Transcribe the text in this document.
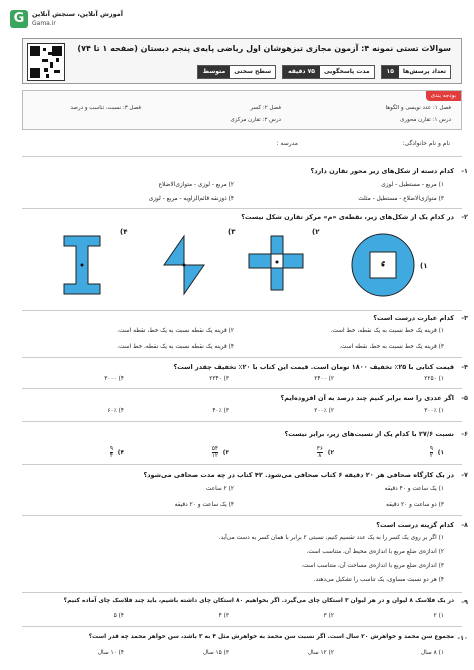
G	آموزش آنلاین، سنجش آنلاین
Gama.ir
سوالات تستی نمونه ۴: آزمون مجازی تیزهوشان اول ریاضی پایه‌ی پنجم دبستان (صفحه ۱ تا ۷۴)
تعداد پرسش‌ها
۱۵
مدت پاسخگویی
۷۵ دقیقه
سطح سختی
متوسط
بودجه بندی
فصل ۱: عدد نویسی و الگوها
فصل ۲: کسر
فصل ۳: نسبت، تناسب و درصد
درس ۱: تقارن محوری
درس ۲: تقارن مرکزی
نام و نام خانوادگی:
مدرسه :
۱-
کدام دسته از شکل‌های زیر محور تقارن دارد؟
۱) مربع - مستطیل - لوزی
۲) مربع - لوزی - متوازی‌الاضلاع
۳) متوازی‌الاضلاع - مستطیل - مثلث
۴) ذوزنقه قائم‌الزاویه - مربع - لوزی
۲-
در کدام یک از شکل‌های زیر، نقطه‌ی «م» مرکز تقارن شکل نیست؟
۱)
م
۲)
۳)
۴)
۳-
کدام عبارت درست است؟
۱) قرینه یک خط نسبت به یک نقطه، خط است.
۲) قرینه یک نقطه نسبت به یک خط، نقطه است.
۳) قرینه یک خط نسبت به خط، نقطه است.
۴) قرینه یک نقطه نسبت به یک نقطه، خط است.
۴-
قیمت کتابی با ۲۵٪ تخفیف ۱۸۰۰ تومان است. قیمت این کتاب با ۲۰٪ تخفیف چقدر است؟
۱) ۲۲۵۰
۲) ۲۴۰۰
۳) ۲۳۴۰
۴) ۳۰۰۰
۵-
اگر عددی را سه برابر کنیم چند درصد به آن افزوده‌ایم؟
۱) ۳۰۰٪
۲) ۲۰۰٪
۳) ۴۰٪
۴) ۶۰٪
۶-
نسبت ۲۷/۶ با کدام یک از نسبت‌های زیر، برابر نیست؟
۱)
۹
۲
۲)
۳۶
۸
۳)
۵۴
۱۲
۴)
۹
۴
۷-
در یک کارگاه صحافی هر ۲۰ دقیقه ۶ کتاب صحافی می‌شود. ۴۲ کتاب در چه مدت صحافی می‌شود؟
۱) یک ساعت و ۴۰ دقیقه
۲) ۲ ساعت
۳) دو ساعت و ۲۰ دقیقه
۴) یک ساعت و ۲۰ دقیقه
۸-
کدام گزینه درست است؟
۱) اگر بر روی یک کسر را به یک عدد تقسیم کنیم، نسبتی ۲ برابر با همان کسر به دست می‌آید.
۲) اندازه‌ی ضلع مربع با اندازه‌ی محیط آن، متناسب است.
۳) اندازه‌ی ضلع مربع با اندازه‌ی مساحت آن، متناسب است.
۴) هر دو نسبت مساوی، یک تناسب را تشکیل می‌دهند.
۹-
در یک فلاسک ۸ لیوان و در هر لیوان ۳ استکان چای می‌گیرد. اگر بخواهیم ۸۰ استکان چای داشته باشیم، باید چند فلاسک چای آماده کنیم؟
۱) ۲
۲) ۳
۳) ۴
۴) ۵
۱۰-
مجموع سن محمد و خواهرش ۲۰ سال است. اگر نسبت سن محمد به خواهرش مثل ۴ به ۳ باشد، سن خواهر محمد چه قدر است؟
۱) ۸ سال
۲) ۱۲ سال
۳) ۱۵ سال
۴) ۱۰ سال
